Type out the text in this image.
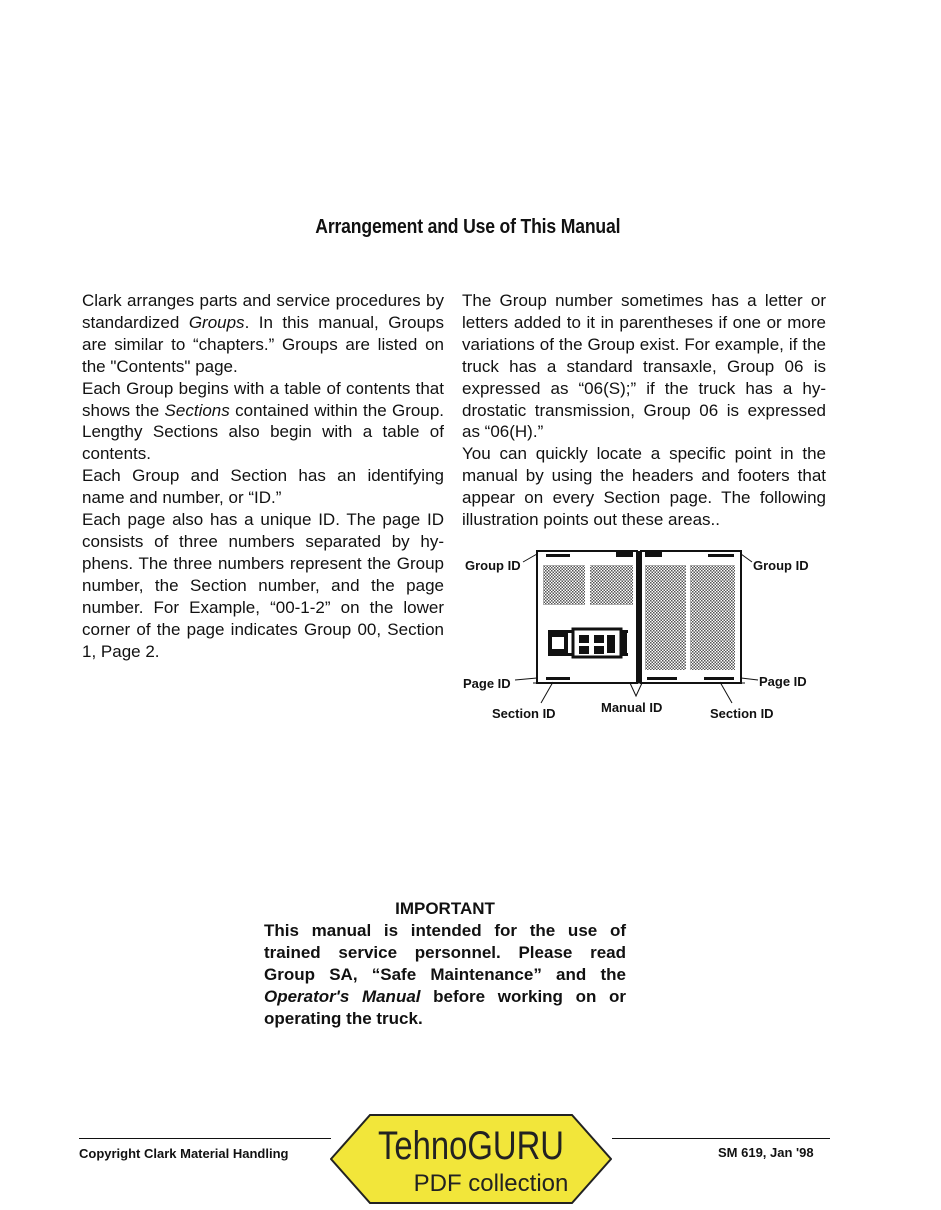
Arrangement and Use of This Manual

Clark arranges parts and service procedures by standardized Groups. In this manual, Groups are similar to “chapters.” Groups are listed on the "Contents" page.

Each Group begins with a table of contents that shows the Sections contained within the Group. Lengthy Sections also begin with a table of contents.

Each Group and Section has an identifying name and number, or “ID.”

Each page also has a unique ID. The page ID consists of three numbers separated by hy-phens. The three numbers represent the Group number, the Section number, and the page number. For Example, “00-1-2” on the lower corner of the page indicates Group 00, Section 1, Page 2.

The Group number sometimes has a letter or letters added to it in parentheses if one or more variations of the Group exist. For example, if the truck has a standard transaxle, Group 06 is expressed as “06(S);” if the truck has a hy-drostatic transmission, Group 06 is expressed as “06(H).”

You can quickly locate a specific point in the manual by using the headers and footers that appear on every Section page. The following illustration points out these areas..

Group ID	Group ID
Page ID	Page ID
Section ID	Section ID
Manual ID
IMPORTANT
This manual is intended for the use of trained service personnel. Please read Group SA, “Safe Maintenance” and the Operator's Manual before working on or operating the truck.
Copyright Clark Material Handling	SM 619, Jan '98
TehnoGURU
PDF collection
